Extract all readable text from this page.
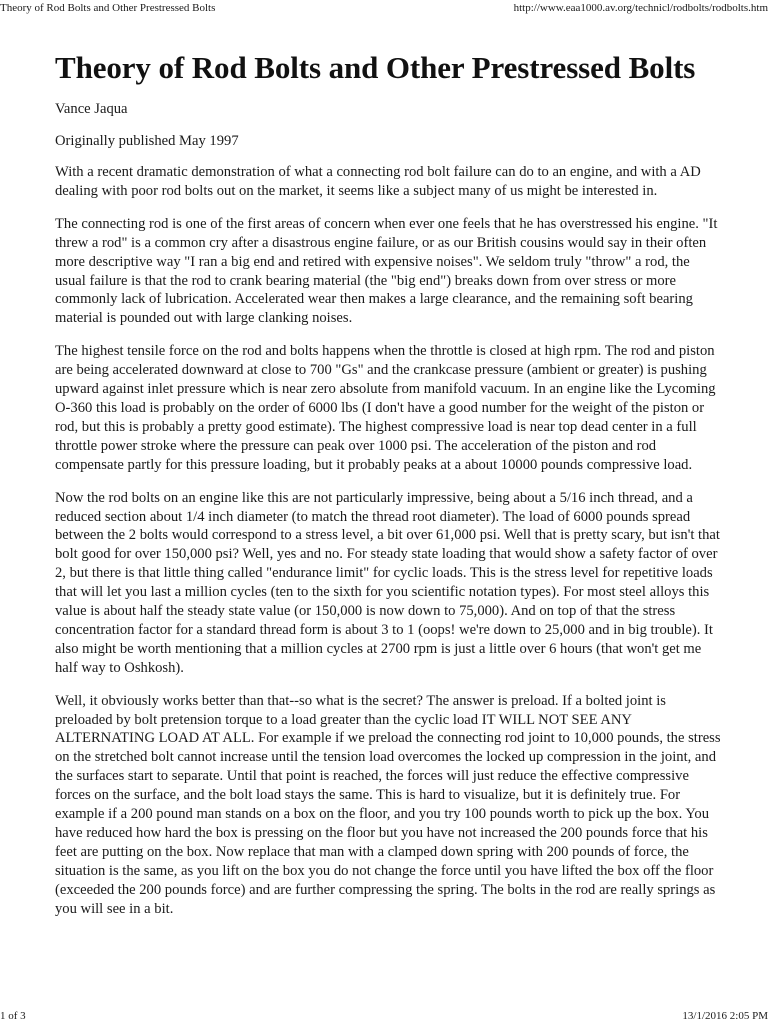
Theory of Rod Bolts and Other Prestressed Bolts	http://www.eaa1000.av.org/technicl/rodbolts/rodbolts.htm
Theory of Rod Bolts and Other Prestressed Bolts

Vance Jaqua

Originally published May 1997

With a recent dramatic demonstration of what a connecting rod bolt failure can do to an engine, and with a AD dealing with poor rod bolts out on the market, it seems like a subject many of us might be interested in.

The connecting rod is one of the first areas of concern when ever one feels that he has overstressed his engine. "It threw a rod" is a common cry after a disastrous engine failure, or as our British cousins would say in their often more descriptive way "I ran a big end and retired with expensive noises". We seldom truly "throw" a rod, the usual failure is that the rod to crank bearing material (the "big end") breaks down from over stress or more commonly lack of lubrication. Accelerated wear then makes a large clearance, and the remaining soft bearing material is pounded out with large clanking noises.

The highest tensile force on the rod and bolts happens when the throttle is closed at high rpm. The rod and piston are being accelerated downward at close to 700 "Gs" and the crankcase pressure (ambient or greater) is pushing upward against inlet pressure which is near zero absolute from manifold vacuum. In an engine like the Lycoming O-360 this load is probably on the order of 6000 lbs (I don't have a good number for the weight of the piston or rod, but this is probably a pretty good estimate). The highest compressive load is near top dead center in a full throttle power stroke where the pressure can peak over 1000 psi. The acceleration of the piston and rod compensate partly for this pressure loading, but it probably peaks at a about 10000 pounds compressive load.

Now the rod bolts on an engine like this are not particularly impressive, being about a 5/16 inch thread, and a reduced section about 1/4 inch diameter (to match the thread root diameter). The load of 6000 pounds spread between the 2 bolts would correspond to a stress level, a bit over 61,000 psi. Well that is pretty scary, but isn't that bolt good for over 150,000 psi? Well, yes and no. For steady state loading that would show a safety factor of over 2, but there is that little thing called "endurance limit" for cyclic loads. This is the stress level for repetitive loads that will let you last a million cycles (ten to the sixth for you scientific notation types). For most steel alloys this value is about half the steady state value (or 150,000 is now down to 75,000). And on top of that the stress concentration factor for a standard thread form is about 3 to 1 (oops! we're down to 25,000 and in big trouble). It also might be worth mentioning that a million cycles at 2700 rpm is just a little over 6 hours (that won't get me half way to Oshkosh).

Well, it obviously works better than that--so what is the secret? The answer is preload. If a bolted joint is preloaded by bolt pretension torque to a load greater than the cyclic load IT WILL NOT SEE ANY ALTERNATING LOAD AT ALL. For example if we preload the connecting rod joint to 10,000 pounds, the stress on the stretched bolt cannot increase until the tension load overcomes the locked up compression in the joint, and the surfaces start to separate. Until that point is reached, the forces will just reduce the effective compressive forces on the surface, and the bolt load stays the same. This is hard to visualize, but it is definitely true. For example if a 200 pound man stands on a box on the floor, and you try 100 pounds worth to pick up the box. You have reduced how hard the box is pressing on the floor but you have not increased the 200 pounds force that his feet are putting on the box. Now replace that man with a clamped down spring with 200 pounds of force, the situation is the same, as you lift on the box you do not change the force until you have lifted the box off the floor (exceeded the 200 pounds force) and are further compressing the spring. The bolts in the rod are really springs as you will see in a bit.

1 of 3	13/1/2016 2:05 PM
